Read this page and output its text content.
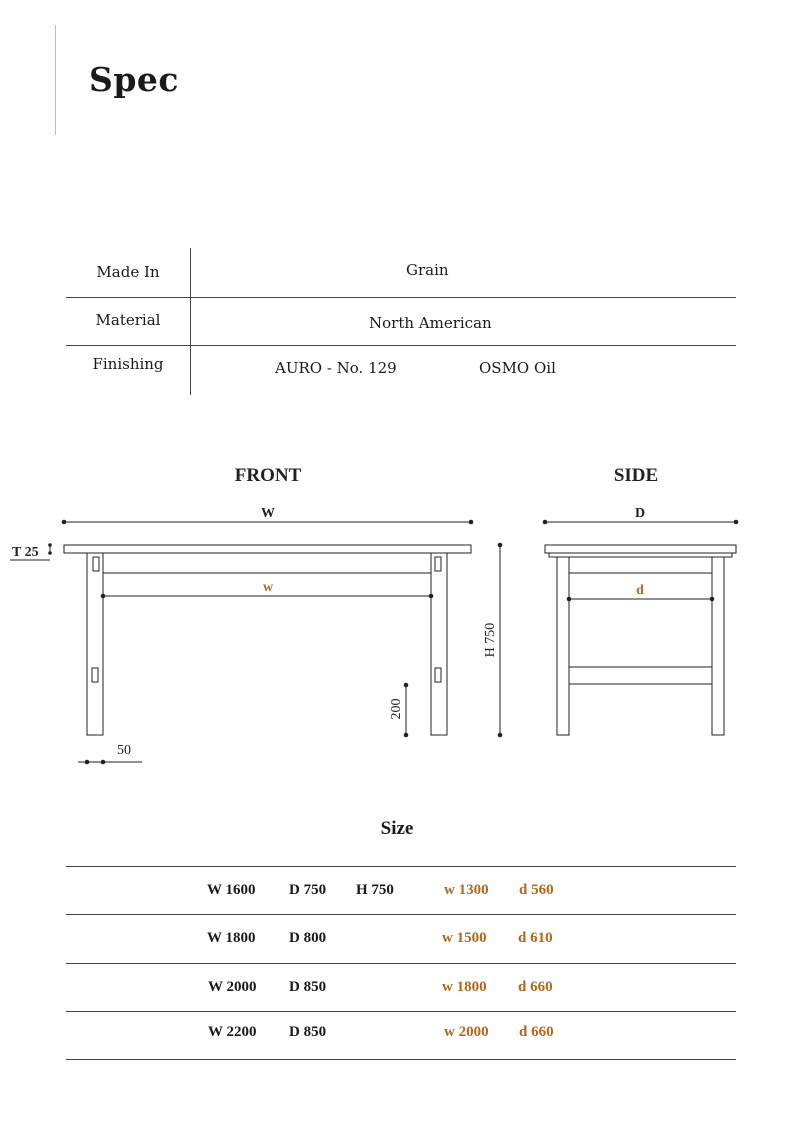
Spec
Made In	Grain
Material	North American
Finishing	AURO - No. 129	OSMO Oil
FRONT	SIDE
W
w
D
d
T 25
H 750
200
50
Size
W 1600 D 750 H 750	w 1300 d 560
W 1800 D 800	w 1500 d 610
W 2000 D 850	w 1800 d 660
W 2200 D 850	w 2000 d 660
